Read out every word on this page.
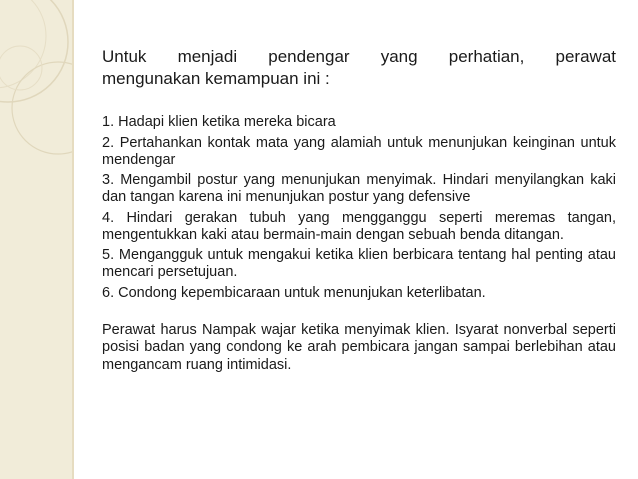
Untuk menjadi pendengar yang perhatian, perawat
mengunakan kemampuan ini :

1. Hadapi klien ketika mereka bicara
2. Pertahankan kontak mata yang alamiah untuk menunjukan keinginan untuk mendengar
3. Mengambil postur yang menunjukan menyimak. Hindari menyilangkan kaki dan tangan karena ini menunjukan postur yang defensive
4. Hindari gerakan tubuh yang mengganggu seperti meremas tangan, mengentukkan kaki atau bermain-main dengan sebuah benda ditangan.
5. Mengangguk untuk mengakui ketika klien berbicara tentang hal penting atau mencari persetujuan.
6. Condong kepembicaraan untuk menunjukan keterlibatan.

Perawat harus Nampak wajar ketika menyimak klien. Isyarat nonverbal seperti posisi badan yang condong ke arah pembicara jangan sampai berlebihan atau mengancam ruang intimidasi.
